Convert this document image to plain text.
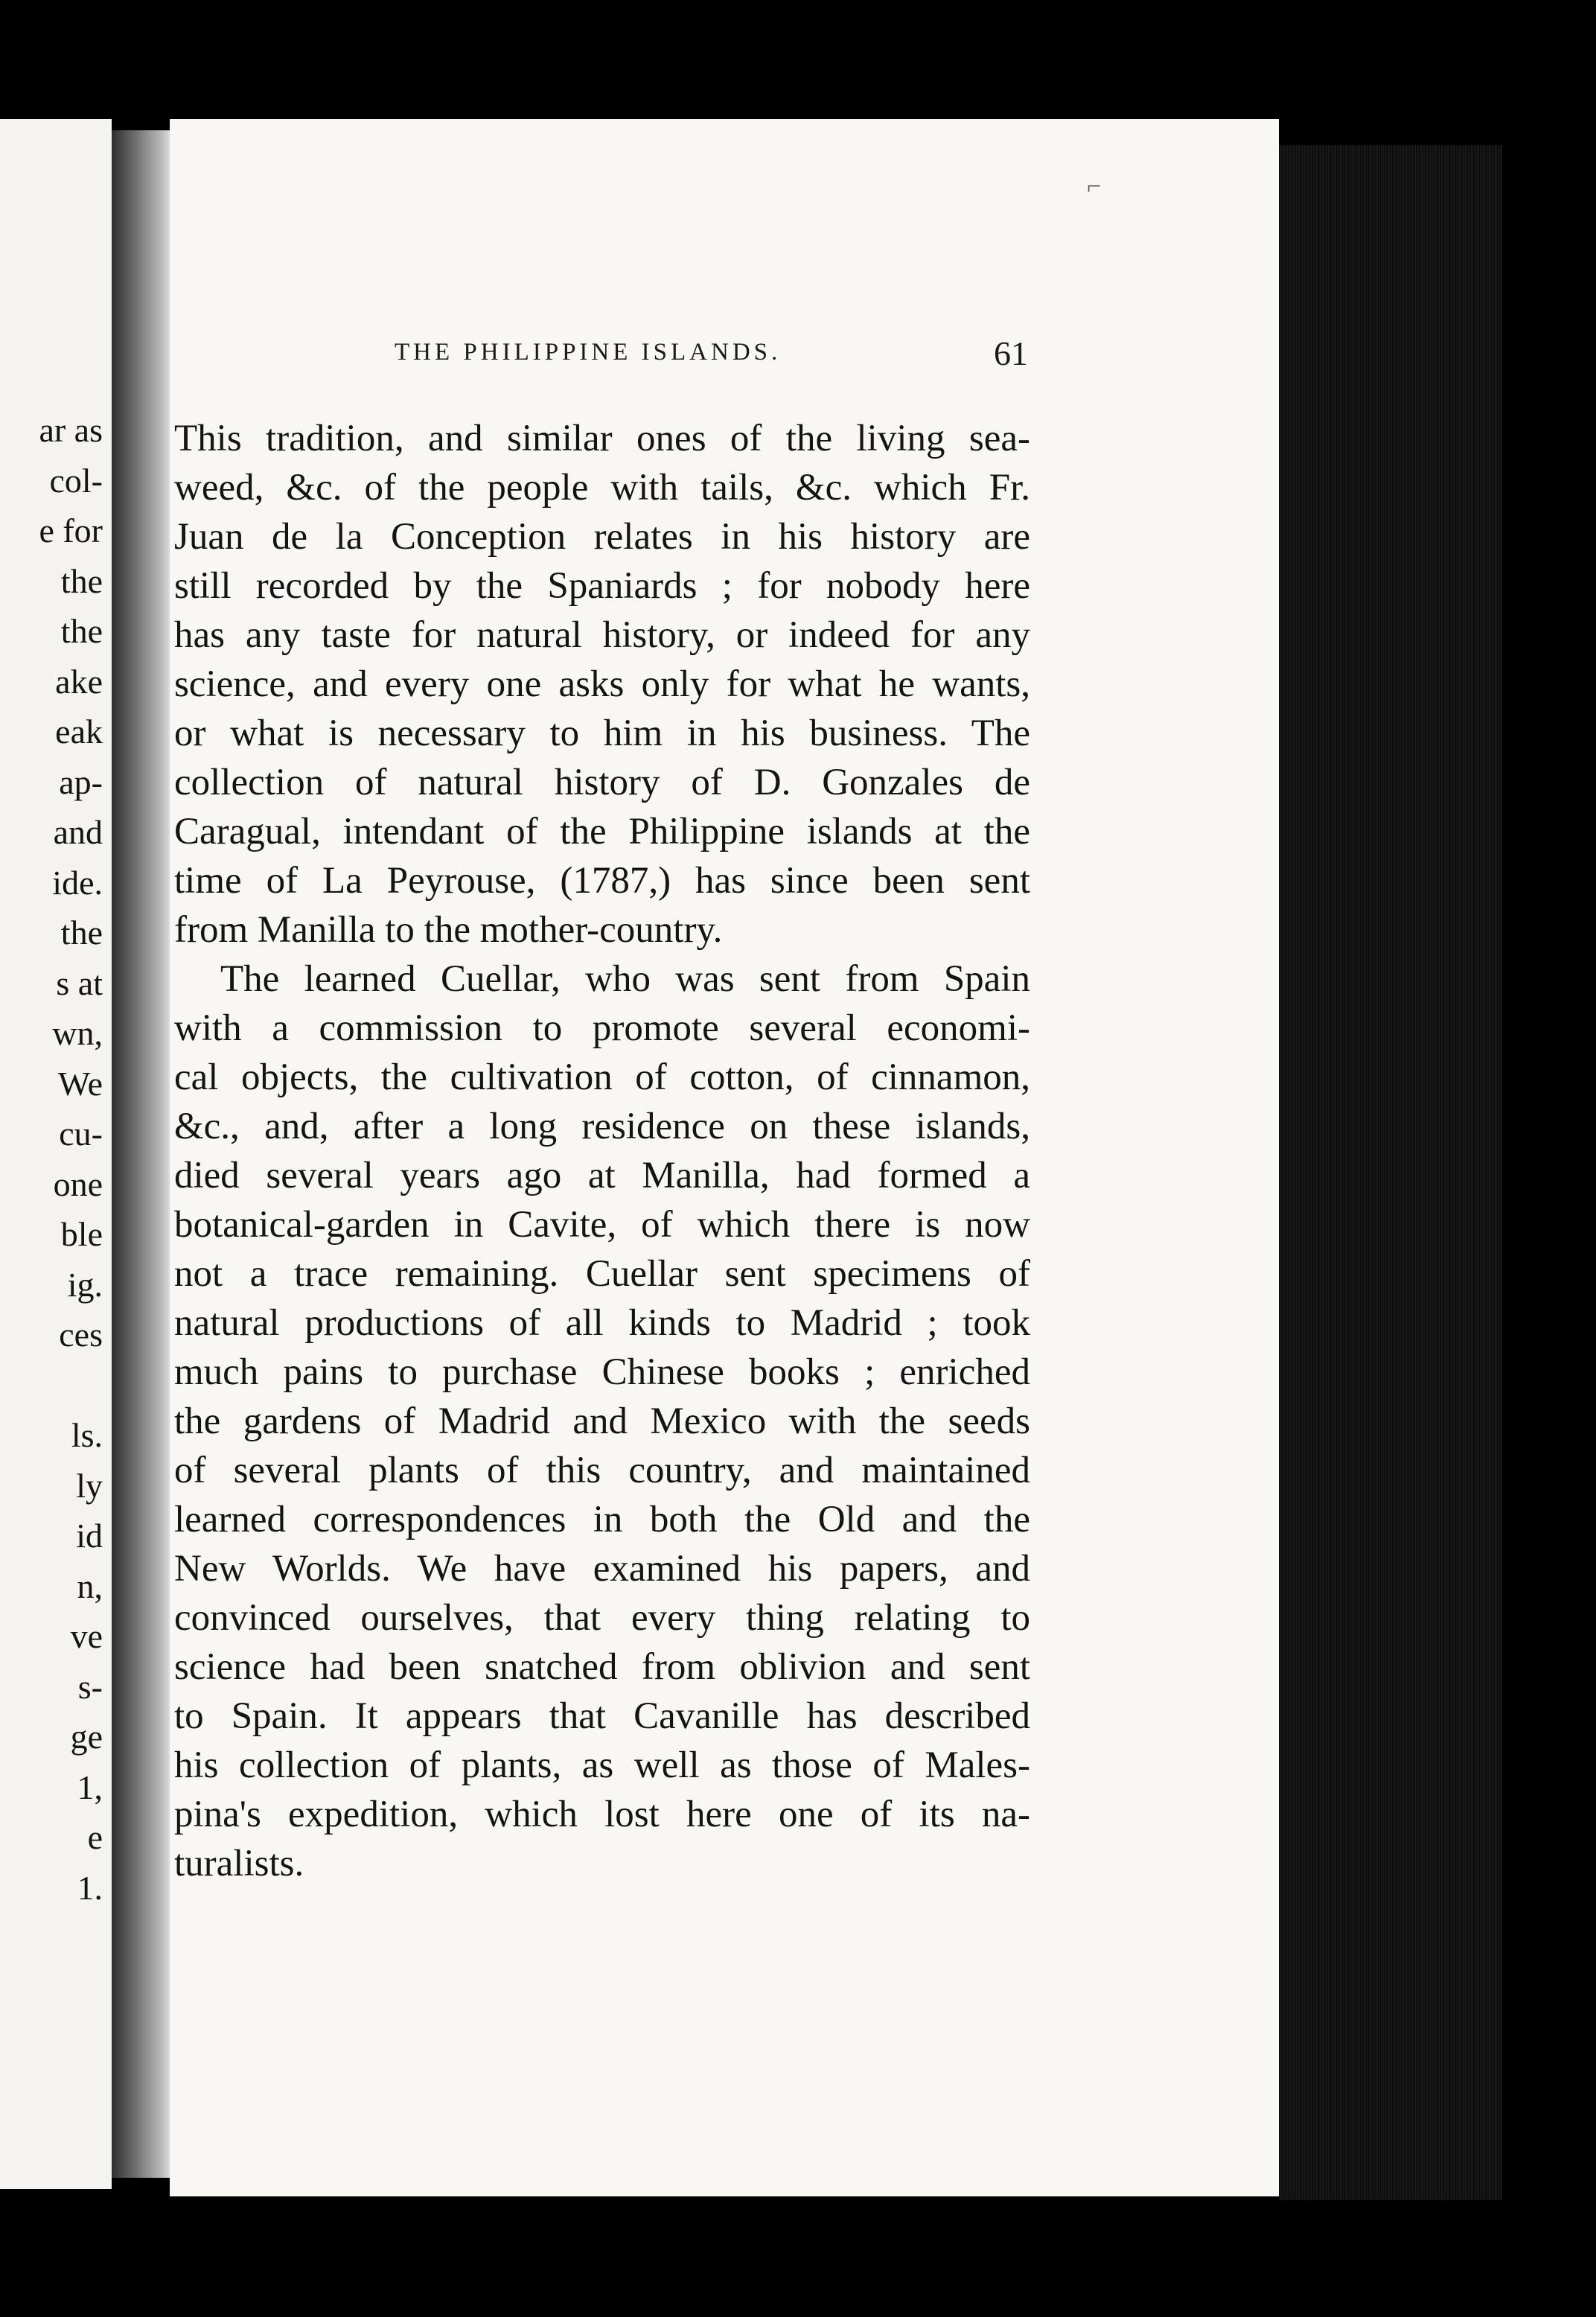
ar as
col-
e for
the
the
ake
eak
ap-
and
ide.
the
s at
wn,
We
cu-
one
ble
ig.
ces
ls.
ly
id
n,
ve
s-
ge
1,
e
1.
⌐
THE PHILIPPINE ISLANDS.	61
This tradition, and similar ones of the living sea-
weed, &c. of the people with tails, &c. which Fr.
Juan de la Conception relates in his history are
still recorded by the Spaniards ; for nobody here
has any taste for natural history, or indeed for any
science, and every one asks only for what he wants,
or what is necessary to him in his business. The
collection of natural history of D. Gonzales de
Caragual, intendant of the Philippine islands at the
time of La Peyrouse, (1787,) has since been sent
from Manilla to the mother-country.
The learned Cuellar, who was sent from Spain
with a commission to promote several economi-
cal objects, the cultivation of cotton, of cinnamon,
&c., and, after a long residence on these islands,
died several years ago at Manilla, had formed a
botanical-garden in Cavite, of which there is now
not a trace remaining. Cuellar sent specimens of
natural productions of all kinds to Madrid ; took
much pains to purchase Chinese books ; enriched
the gardens of Madrid and Mexico with the seeds
of several plants of this country, and maintained
learned correspondences in both the Old and the
New Worlds. We have examined his papers, and
convinced ourselves, that every thing relating to
science had been snatched from oblivion and sent
to Spain. It appears that Cavanille has described
his collection of plants, as well as those of Males-
pina's expedition, which lost here one of its na-
turalists.
